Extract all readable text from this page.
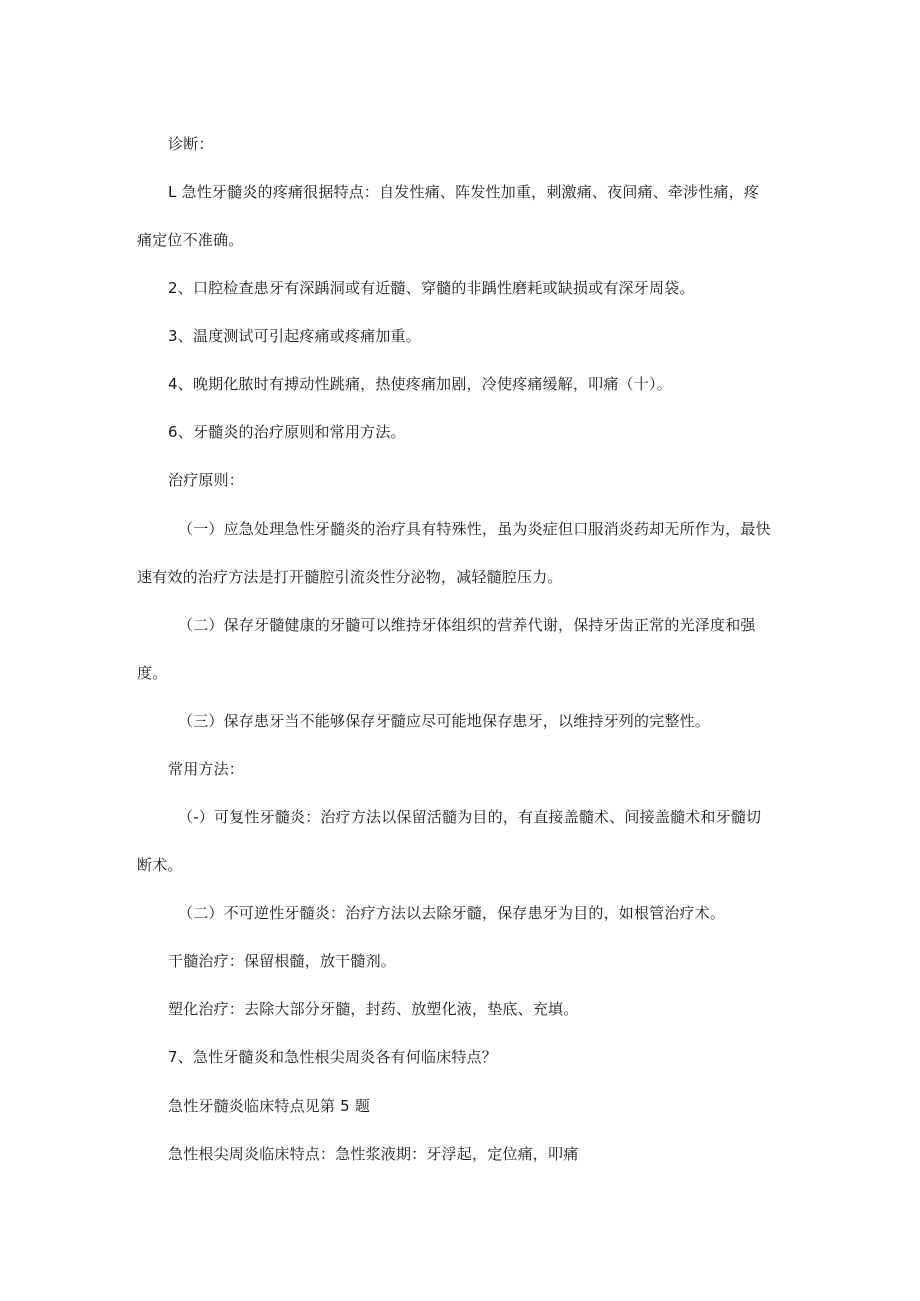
诊断：
L 急性牙髓炎的疼痛很据特点：自发性痛、阵发性加重，刺激痛、夜间痛、牵涉性痛，疼
痛定位不准确。
2、口腔检查患牙有深踽洞或有近髓、穿髓的非踽性磨耗或缺损或有深牙周袋。
3、温度测试可引起疼痛或疼痛加重。
4、晚期化脓时有搏动性跳痛，热使疼痛加剧，冷使疼痛缓解，叩痛（十）。
6、牙髓炎的治疗原则和常用方法。
治疗原则：
（一）应急处理急性牙髓炎的治疗具有特殊性，虽为炎症但口服消炎药却无所作为，最快
速有效的治疗方法是打开髓腔引流炎性分泌物，减轻髓腔压力。
（二）保存牙髓健康的牙髓可以维持牙体组织的营养代谢，保持牙齿正常的光泽度和强
度。
（三）保存患牙当不能够保存牙髓应尽可能地保存患牙，以维持牙列的完整性。
常用方法：
（-）可复性牙髓炎：治疗方法以保留活髓为目的，有直接盖髓术、间接盖髓术和牙髓切
断术。
（二）不可逆性牙髓炎：治疗方法以去除牙髓，保存患牙为目的，如根管治疗术。
干髓治疗：保留根髓，放干髓剂。
塑化治疗：去除大部分牙髓，封药、放塑化液，垫底、充填。
7、急性牙髓炎和急性根尖周炎各有何临床特点？
急性牙髓炎临床特点见第 5 题
急性根尖周炎临床特点：急性浆液期：牙浮起，定位痛，叩痛
